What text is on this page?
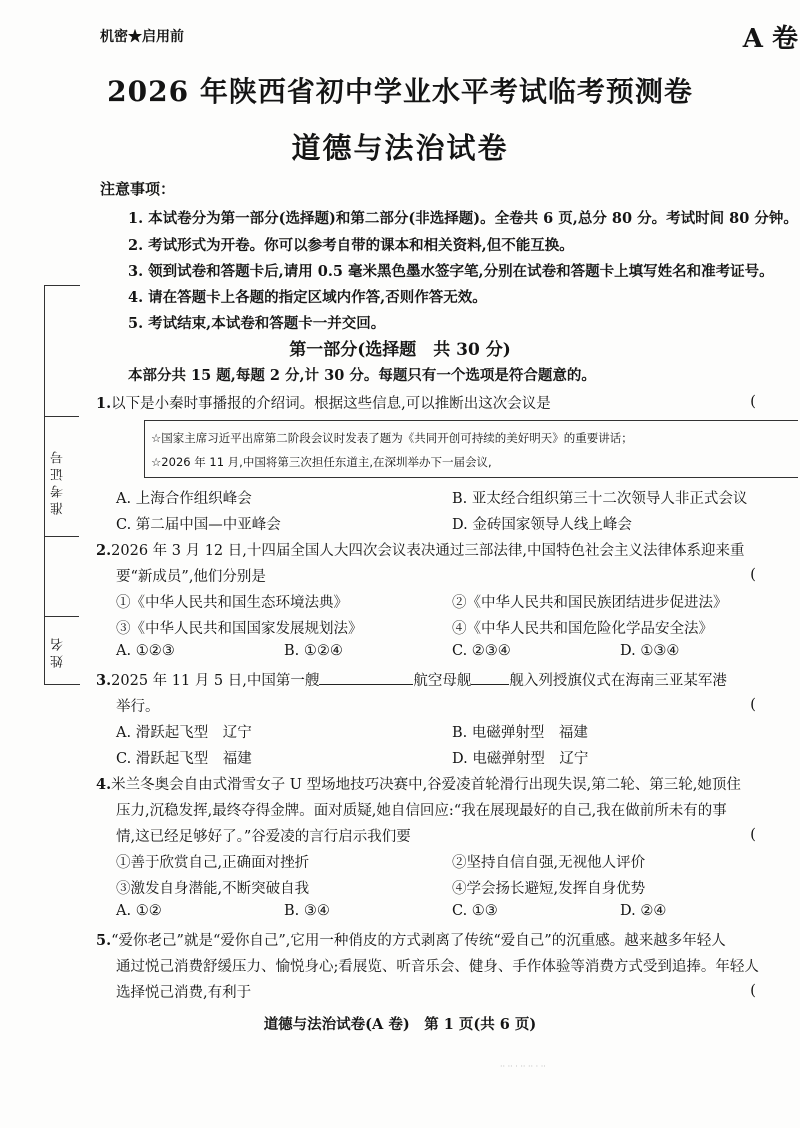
机密★启用前	A 卷
2026 年陕西省初中学业水平考试临考预测卷
道德与法治试卷
注意事项：
1. 本试卷分为第一部分(选择题)和第二部分(非选择题)。全卷共 6 页,总分 80 分。考试时间 80 分钟。
2. 考试形式为开卷。你可以参考自带的课本和相关资料,但不能互换。
3. 领到试卷和答题卡后,请用 0.5 毫米黑色墨水签字笔,分别在试卷和答题卡上填写姓名和准考证号。
4. 请在答题卡上各题的指定区域内作答,否则作答无效。
5. 考试结束,本试卷和答题卡一并交回。
准考证号
姓名
第一部分(选择题　共 30 分)
本部分共 15 题,每题 2 分,计 30 分。每题只有一个选项是符合题意的。
1.以下是小秦时事播报的介绍词。根据这些信息,可以推断出这次会议是	(
☆国家主席习近平出席第二阶段会议时发表了题为《共同开创可持续的美好明天》的重要讲话；
☆2026 年 11 月,中国将第三次担任东道主,在深圳举办下一届会议,
A. 上海合作组织峰会	B. 亚太经合组织第三十二次领导人非正式会议
C. 第二届中国—中亚峰会	D. 金砖国家领导人线上峰会
2.2026 年 3 月 12 日,十四届全国人大四次会议表决通过三部法律,中国特色社会主义法律体系迎来重
要“新成员”,他们分别是	(
①《中华人民共和国生态环境法典》	②《中华人民共和国民族团结进步促进法》
③《中华人民共和国国家发展规划法》	④《中华人民共和国危险化学品安全法》
A. ①②③	B. ①②④	C. ②③④	D. ①③④
3.2025 年 11 月 5 日,中国第一艘	航空母舰	舰入列授旗仪式在海南三亚某军港
举行。	(
A. 滑跃起飞型　辽宁	B. 电磁弹射型　福建
C. 滑跃起飞型　福建	D. 电磁弹射型　辽宁
4.米兰冬奥会自由式滑雪女子 U 型场地技巧决赛中,谷爱凌首轮滑行出现失误,第二轮、第三轮,她顶住
压力,沉稳发挥,最终夺得金牌。面对质疑,她自信回应:“我在展现最好的自己,我在做前所未有的事
情,这已经足够好了。”谷爱凌的言行启示我们要	(
①善于欣赏自己,正确面对挫折	②坚持自信自强,无视他人评价
③激发自身潜能,不断突破自我	④学会扬长避短,发挥自身优势
A. ①②	B. ③④	C. ①③	D. ②④
5.“爱你老己”就是“爱你自己”,它用一种俏皮的方式剥离了传统“爱自己”的沉重感。越来越多年轻人
通过悦己消费舒缓压力、愉悦身心;看展览、听音乐会、健身、手作体验等消费方式受到追捧。年轻人
选择悦己消费,有利于	(
道德与法治试卷(A 卷)　第 1 页(共 6 页)
·· ·· · ·· ·· · ··
